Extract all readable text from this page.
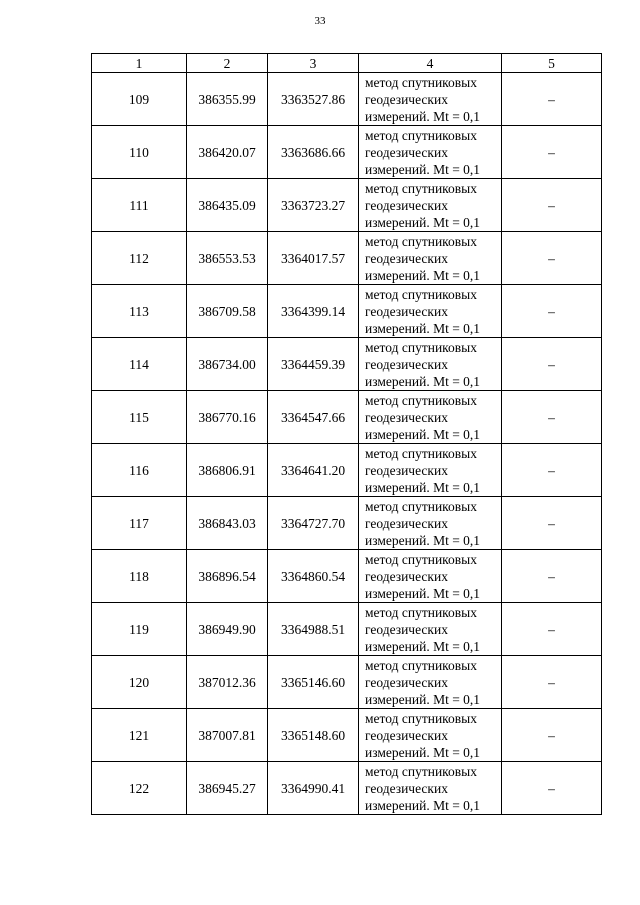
33
1	2	3	4	5
109	386355.99	3363527.86	метод спутниковых
геодезических
измерений. Mt = 0,1	–
110	386420.07	3363686.66	метод спутниковых
геодезических
измерений. Mt = 0,1	–
111	386435.09	3363723.27	метод спутниковых
геодезических
измерений. Mt = 0,1	–
112	386553.53	3364017.57	метод спутниковых
геодезических
измерений. Mt = 0,1	–
113	386709.58	3364399.14	метод спутниковых
геодезических
измерений. Mt = 0,1	–
114	386734.00	3364459.39	метод спутниковых
геодезических
измерений. Mt = 0,1	–
115	386770.16	3364547.66	метод спутниковых
геодезических
измерений. Mt = 0,1	–
116	386806.91	3364641.20	метод спутниковых
геодезических
измерений. Mt = 0,1	–
117	386843.03	3364727.70	метод спутниковых
геодезических
измерений. Mt = 0,1	–
118	386896.54	3364860.54	метод спутниковых
геодезических
измерений. Mt = 0,1	–
119	386949.90	3364988.51	метод спутниковых
геодезических
измерений. Mt = 0,1	–
120	387012.36	3365146.60	метод спутниковых
геодезических
измерений. Mt = 0,1	–
121	387007.81	3365148.60	метод спутниковых
геодезических
измерений. Mt = 0,1	–
122	386945.27	3364990.41	метод спутниковых
геодезических
измерений. Mt = 0,1	–
